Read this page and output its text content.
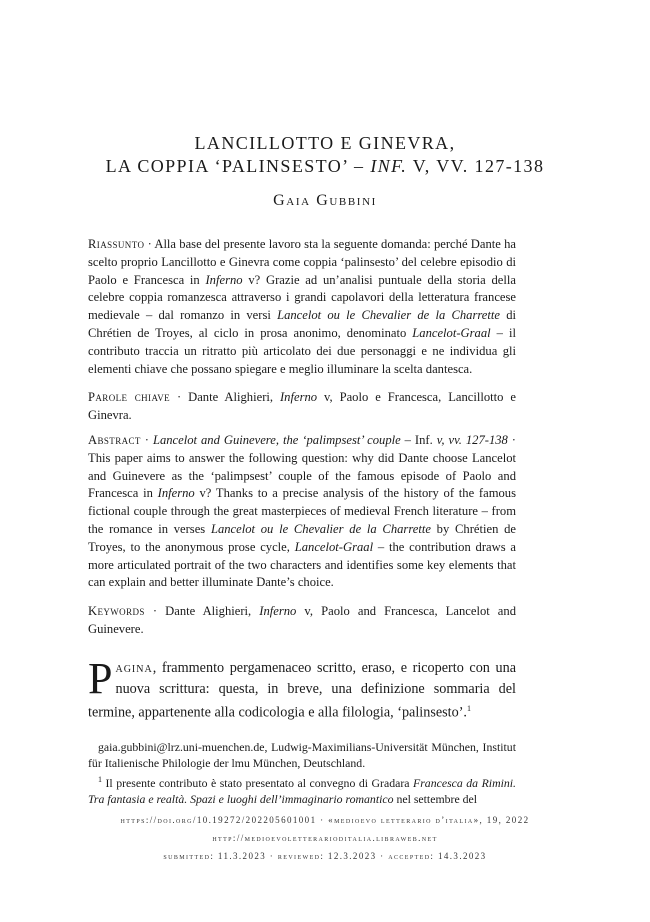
LANCILLOTTO E GINEVRA,
LA COPPIA ‘PALINSESTO’ – INF. V, VV. 127-138
Gaia Gubbini
Riassunto · Alla base del presente lavoro sta la seguente domanda: perché Dante ha scelto proprio Lancillotto e Ginevra come coppia ‘palinsesto’ del celebre episodio di Paolo e Francesca in Inferno v? Grazie ad un’analisi puntuale della storia della celebre coppia romanzesca attraverso i grandi capolavori della letteratura francese medievale – dal romanzo in versi Lancelot ou le Chevalier de la Charrette di Chrétien de Troyes, al ciclo in prosa anonimo, denominato Lancelot-Graal – il contributo traccia un ritratto più articolato dei due personaggi e ne individua gli elementi chiave che possano spiegare e meglio illuminare la scelta dantesca.
Parole chiave · Dante Alighieri, Inferno v, Paolo e Francesca, Lancillotto e Ginevra.
Abstract · Lancelot and Guinevere, the ‘palimpsest’ couple – Inf. v, vv. 127-138 · This paper aims to answer the following question: why did Dante choose Lancelot and Guinevere as the ‘palimpsest’ couple of the famous episode of Paolo and Francesca in Inferno v? Thanks to a precise analysis of the history of the famous fictional couple through the great masterpieces of medieval French literature – from the romance in verses Lancelot ou le Chevalier de la Charrette by Chrétien de Troyes, to the anonymous prose cycle, Lancelot-Graal – the contribution draws a more articulated portrait of the two characters and identifies some key elements that can explain and better illuminate Dante’s choice.
Keywords · Dante Alighieri, Inferno v, Paolo and Francesca, Lancelot and Guinevere.
Pagina, frammento pergamenaceo scritto, eraso, e ricoperto con una nuova scrittura: questa, in breve, una definizione sommaria del termine, appartenente alla codicologia e alla filologia, ‘palinsesto’.$^1$
gaia.gubbini@lrz.uni-muenchen.de, Ludwig-Maximilians-Universität München, Institut für Italienische Philologie der lmu München, Deutschland.
$^1$ Il presente contributo è stato presentato al convegno di Gradara Francesca da Rimini. Tra fantasia e realtà. Spazi e luoghi dell’immaginario romantico nel settembre del
https://doi.org/10.19272/202205601001 · «medioevo letterario d’italia», 19, 2022
http://medioevoletterarioditalia.libraweb.net
submitted: 11.3.2023 · reviewed: 12.3.2023 · accepted: 14.3.2023
